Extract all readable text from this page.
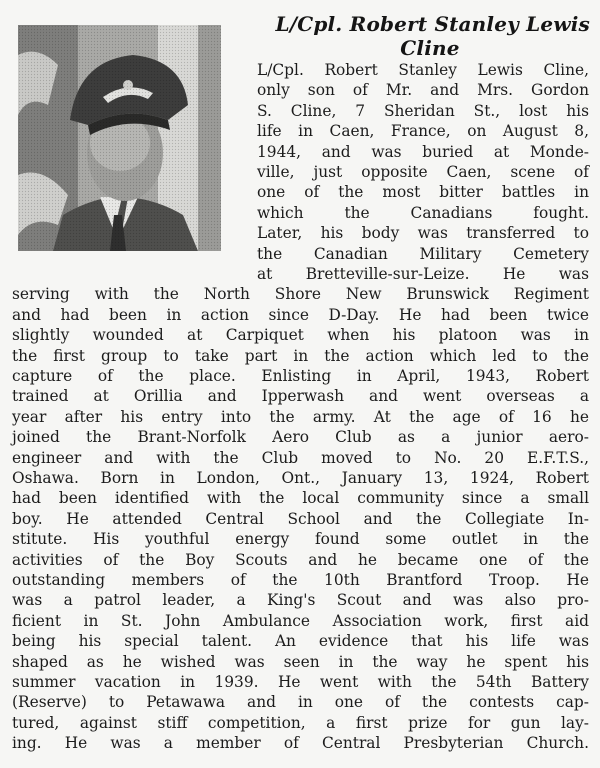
L/Cpl. Robert Stanley Lewis
Cline
L/Cpl. Robert Stanley Lewis Cline,
only son of Mr. and Mrs. Gordon
S. Cline, 7 Sheridan St., lost his
life in Caen, France, on August 8,
1944, and was buried at Monde-
ville, just opposite Caen, scene of
one of the most bitter battles in
which the Canadians fought.
Later, his body was transferred to
the Canadian Military Cemetery
at Bretteville-sur-Leize. He was
serving with the North Shore New Brunswick Regiment
and had been in action since D-Day. He had been twice
slightly wounded at Carpiquet when his platoon was in
the first group to take part in the action which led to the
capture of the place. Enlisting in April, 1943, Robert
trained at Orillia and Ipperwash and went overseas a
year after his entry into the army. At the age of 16 he
joined the Brant-Norfolk Aero Club as a junior aero-
engineer and with the Club moved to No. 20 E.F.T.S.,
Oshawa. Born in London, Ont., January 13, 1924, Robert
had been identified with the local community since a small
boy. He attended Central School and the Collegiate In-
stitute. His youthful energy found some outlet in the
activities of the Boy Scouts and he became one of the
outstanding members of the 10th Brantford Troop. He
was a patrol leader, a King's Scout and was also pro-
ficient in St. John Ambulance Association work, first aid
being his special talent. An evidence that his life was
shaped as he wished was seen in the way he spent his
summer vacation in 1939. He went with the 54th Battery
(Reserve) to Petawawa and in one of the contests cap-
tured, against stiff competition, a first prize for gun lay-
ing. He was a member of Central Presbyterian Church.
